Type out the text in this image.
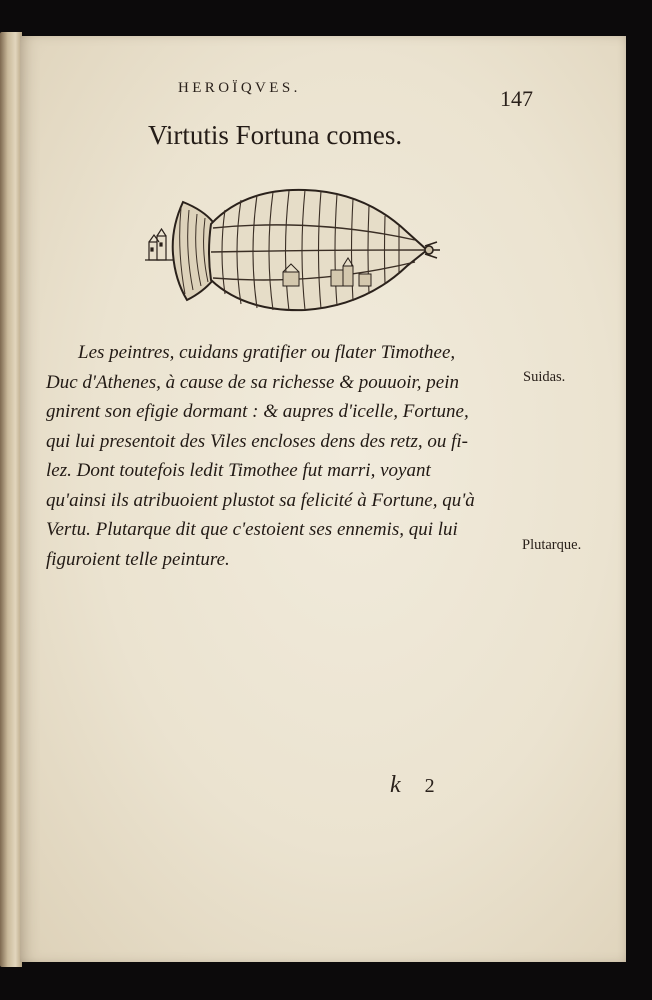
HEROÏQVES.	147
Virtutis Fortuna comes.
Les peintres, cuidans gratifier ou flater Timothee,
Duc d'Athenes, à cause de sa richesse & pouuoir, pein
gnirent son efigie dormant : & aupres d'icelle, Fortune,
qui lui presentoit des Viles encloses dens des retz, ou fi-
lez. Dont toutefois ledit Timothee fut marri, voyant
qu'ainsi ils atribuoient plustot sa felicité à Fortune, qu'à
Vertu. Plutarque dit que c'estoient ses ennemis, qui lui
figuroient telle peinture.
Suidas.
Plutarque.
k 2
